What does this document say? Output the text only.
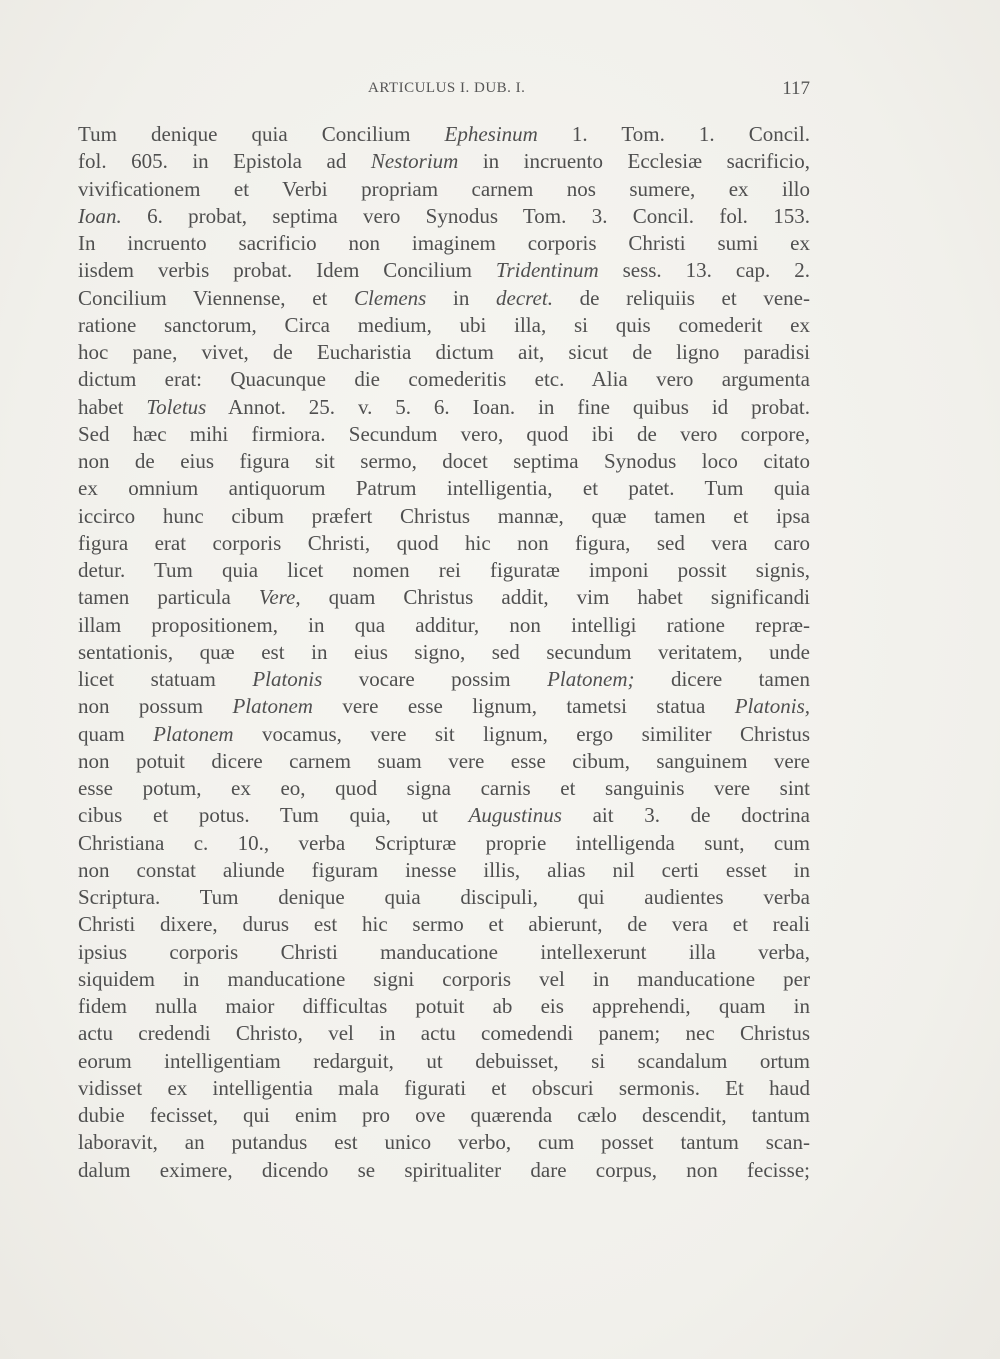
ARTICULUS I. DUB. I.	117
Tum denique quia Concilium Ephesinum 1. Tom. 1. Concil.
fol. 605. in Epistola ad Nestorium in incruento Ecclesiæ sacrificio,
vivificationem et Verbi propriam carnem nos sumere, ex illo
Ioan. 6. probat, septima vero Synodus Tom. 3. Concil. fol. 153.
In incruento sacrificio non imaginem corporis Christi sumi ex
iisdem verbis probat. Idem Concilium Tridentinum sess. 13. cap. 2.
Concilium Viennense, et Clemens in decret. de reliquiis et vene-
ratione sanctorum, Circa medium, ubi illa, si quis comederit ex
hoc pane, vivet, de Eucharistia dictum ait, sicut de ligno paradisi
dictum erat: Quacunque die comederitis etc. Alia vero argumenta
habet Toletus Annot. 25. v. 5. 6. Ioan. in fine quibus id probat.
Sed hæc mihi firmiora. Secundum vero, quod ibi de vero corpore,
non de eius figura sit sermo, docet septima Synodus loco citato
ex omnium antiquorum Patrum intelligentia, et patet. Tum quia
iccirco hunc cibum præfert Christus mannæ, quæ tamen et ipsa
figura erat corporis Christi, quod hic non figura, sed vera caro
detur. Tum quia licet nomen rei figuratæ imponi possit signis,
tamen particula Vere, quam Christus addit, vim habet significandi
illam propositionem, in qua additur, non intelligi ratione repræ-
sentationis, quæ est in eius signo, sed secundum veritatem, unde
licet statuam Platonis vocare possim Platonem; dicere tamen
non possum Platonem vere esse lignum, tametsi statua Platonis,
quam Platonem vocamus, vere sit lignum, ergo similiter Christus
non potuit dicere carnem suam vere esse cibum, sanguinem vere
esse potum, ex eo, quod signa carnis et sanguinis vere sint
cibus et potus. Tum quia, ut Augustinus ait 3. de doctrina
Christiana c. 10., verba Scripturæ proprie intelligenda sunt, cum
non constat aliunde figuram inesse illis, alias nil certi esset in
Scriptura. Tum denique quia discipuli, qui audientes verba
Christi dixere, durus est hic sermo et abierunt, de vera et reali
ipsius corporis Christi manducatione intellexerunt illa verba,
siquidem in manducatione signi corporis vel in manducatione per
fidem nulla maior difficultas potuit ab eis apprehendi, quam in
actu credendi Christo, vel in actu comedendi panem; nec Christus
eorum intelligentiam redarguit, ut debuisset, si scandalum ortum
vidisset ex intelligentia mala figurati et obscuri sermonis. Et haud
dubie fecisset, qui enim pro ove quærenda cælo descendit, tantum
laboravit, an putandus est unico verbo, cum posset tantum scan-
dalum eximere, dicendo se spiritualiter dare corpus, non fecisse;
